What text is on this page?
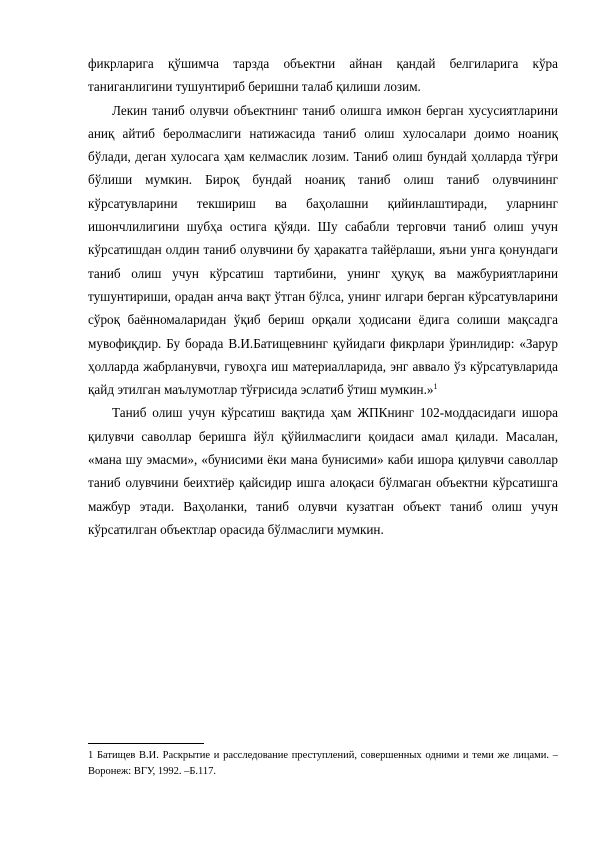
фикрларига қўшимча тарзда объектни айнан қандай белгиларига кўра таниганлигини тушунтириб беришни талаб қилиши лозим.

Лекин таниб олувчи объектнинг таниб олишга имкон берган хусусиятларини аниқ айтиб беролмаслиги натижасида таниб олиш хулосалари доимо ноаниқ бўлади, деган хулосага ҳам келмаслик лозим. Таниб олиш бундай ҳолларда тўғри бўлиши мумкин. Бироқ бундай ноаниқ таниб олиш таниб олувчининг кўрсатувларини текшириш ва баҳолашни қийинлаштиради, уларнинг ишончлилигини шубҳа остига қўяди. Шу сабабли терговчи таниб олиш учун кўрсатишдан олдин таниб олувчини бу ҳаракатга тайёрлаши, яъни унга қонундаги таниб олиш учун кўрсатиш тартибини, унинг ҳуқуқ ва мажбуриятларини тушунтириши, орадан анча вақт ўтган бўлса, унинг илгари берган кўрсатувларини сўроқ баённомаларидан ўқиб бериш орқали ҳодисани ёдига солиши мақсадга мувофиқдир. Бу борада В.И.Батищевнинг қуйидаги фикрлари ўринлидир: «Зарур ҳолларда жабрланувчи, гувоҳга иш материалларида, энг аввало ўз кўрсатувларида қайд этилган маълумотлар тўғрисида эслатиб ўтиш мумкин.»$^1$

Таниб олиш учун кўрсатиш вақтида ҳам ЖПКнинг 102-моддасидаги ишора қилувчи саволлар беришга йўл қўйилмаслиги қоидаси амал қилади. Масалан, «мана шу эмасми», «бунисими ёки мана бунисими» каби ишора қилувчи саволлар таниб олувчини беихтиёр қайсидир ишга алоқаси бўлмаган объектни кўрсатишга мажбур этади. Ваҳоланки, таниб олувчи кузатган объект таниб олиш учун кўрсатилган объектлар орасида бўлмаслиги мумкин.

1 Батищев В.И. Раскрытие и расследование преступлений, совершенных одними и теми же лицами. – Воронеж: ВГУ, 1992. –Б.117.
